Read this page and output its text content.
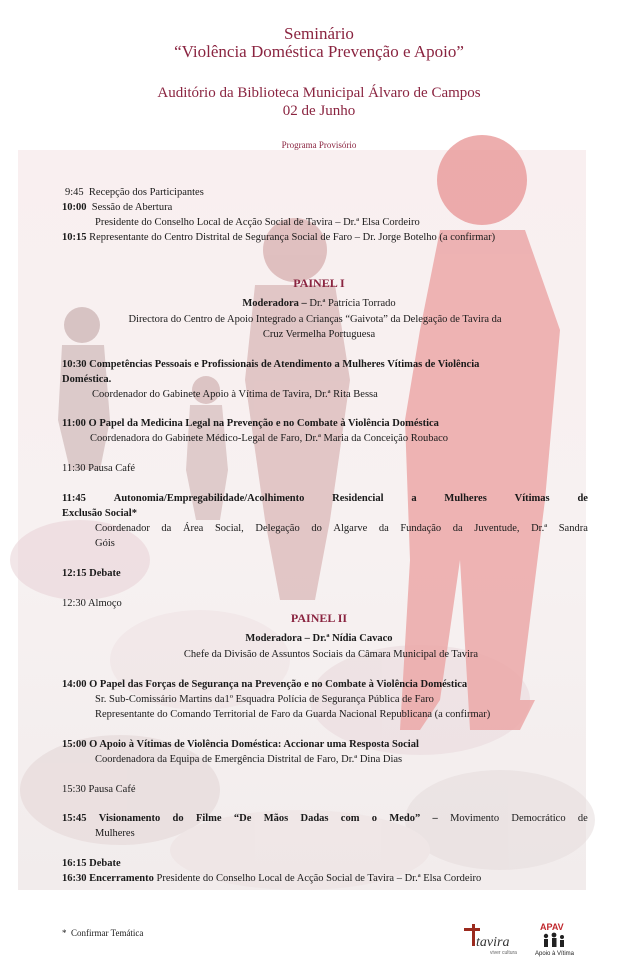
Seminário
“Violência Doméstica Prevenção e Apoio”
Auditório da Biblioteca Municipal Álvaro de Campos
02 de Junho
Programa Provisório
9:45 Recepção dos Participantes
10:00 Sessão de Abertura
Presidente do Conselho Local de Acção Social de Tavira – Dr.ª Elsa Cordeiro
10:15 Representante do Centro Distrital de Segurança Social de Faro – Dr. Jorge Botelho (a confirmar)
PAINEL I
Moderadora – Dr.ª Patrícia Torrado
Directora do Centro de Apoio Integrado a Crianças “Gaivota” da Delegação de Tavira da
Cruz Vermelha Portuguesa
10:30 Competências Pessoais e Profissionais de Atendimento a Mulheres Vítimas de Violência
Doméstica.
Coordenador do Gabinete Apoio à Vítima de Tavira, Dr.ª Rita Bessa
11:00 O Papel da Medicina Legal na Prevenção e no Combate à Violência Doméstica
Coordenadora do Gabinete Médico-Legal de Faro, Dr.ª Maria da Conceição Roubaco
11:30 Pausa Café
11:45	Autonomia/Empregabilidade/Acolhimento	Residencial	a	Mulheres	Vítimas	de
Exclusão Social*
Coordenador da Área Social, Delegação do Algarve da Fundação da Juventude, Dr.ª Sandra
Góis
12:15 Debate
12:30 Almoço
PAINEL II
Moderadora – Dr.ª Nídia Cavaco
Chefe da Divisão de Assuntos Sociais da Câmara Municipal de Tavira
14:00 O Papel das Forças de Segurança na Prevenção e no Combate à Violência Doméstica
Sr. Sub-Comissário Martins da1º Esquadra Polícia de Segurança Pública de Faro
Representante do Comando Territorial de Faro da Guarda Nacional Republicana (a confirmar)
15:00 O Apoio à Vítimas de Violência Doméstica: Accionar uma Resposta Social
Coordenadora da Equipa de Emergência Distrital de Faro, Dr.ª Dina Dias
15:30 Pausa Café
15:45 Visionamento do Filme “De Mãos Dadas com o Medo” – Movimento Democrático de
Mulheres
16:15 Debate
16:30 Encerramento Presidente do Conselho Local de Acção Social de Tavira – Dr.ª Elsa Cordeiro
* Confirmar Temática
tavira
viver cultura
APAV
Apoio à Vítima
